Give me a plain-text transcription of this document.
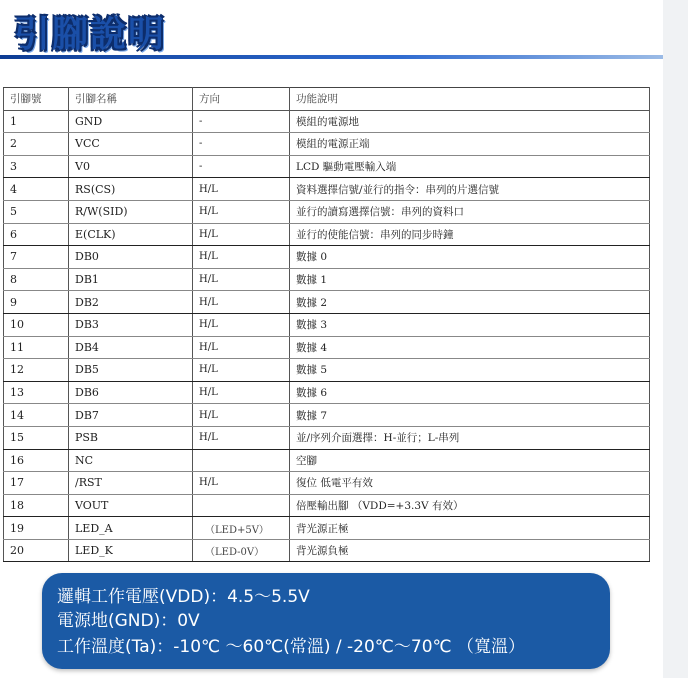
引腳說明
引腳號	引腳名稱	方向	功能說明
1	GND	-	模組的電源地
2	VCC	-	模組的電源正端
3	V0	-	LCD 驅動電壓輸入端
4	RS(CS)	H/L	資料選擇信號/並行的指令：串列的片選信號
5	R/W(SID)	H/L	並行的讀寫選擇信號：串列的資料口
6	E(CLK)	H/L	並行的使能信號：串列的同步時鐘
7	DB0	H/L	數據 0
8	DB1	H/L	數據 1
9	DB2	H/L	數據 2
10	DB3	H/L	數據 3
11	DB4	H/L	數據 4
12	DB5	H/L	數據 5
13	DB6	H/L	數據 6
14	DB7	H/L	數據 7
15	PSB	H/L	並/序列介面選擇：H-並行；L-串列
16	NC		空腳
17	/RST	H/L	復位 低電平有效
18	VOUT		倍壓輸出腳 （VDD=+3.3V 有效）
19	LED_A	（LED+5V）	背光源正極
20	LED_K	（LED-0V）	背光源負極
邏輯工作電壓(VDD)：4.5～5.5V
電源地(GND)：0V
工作溫度(Ta)：-10℃ ～60℃(常溫) / -20℃～70℃ （寬溫）
